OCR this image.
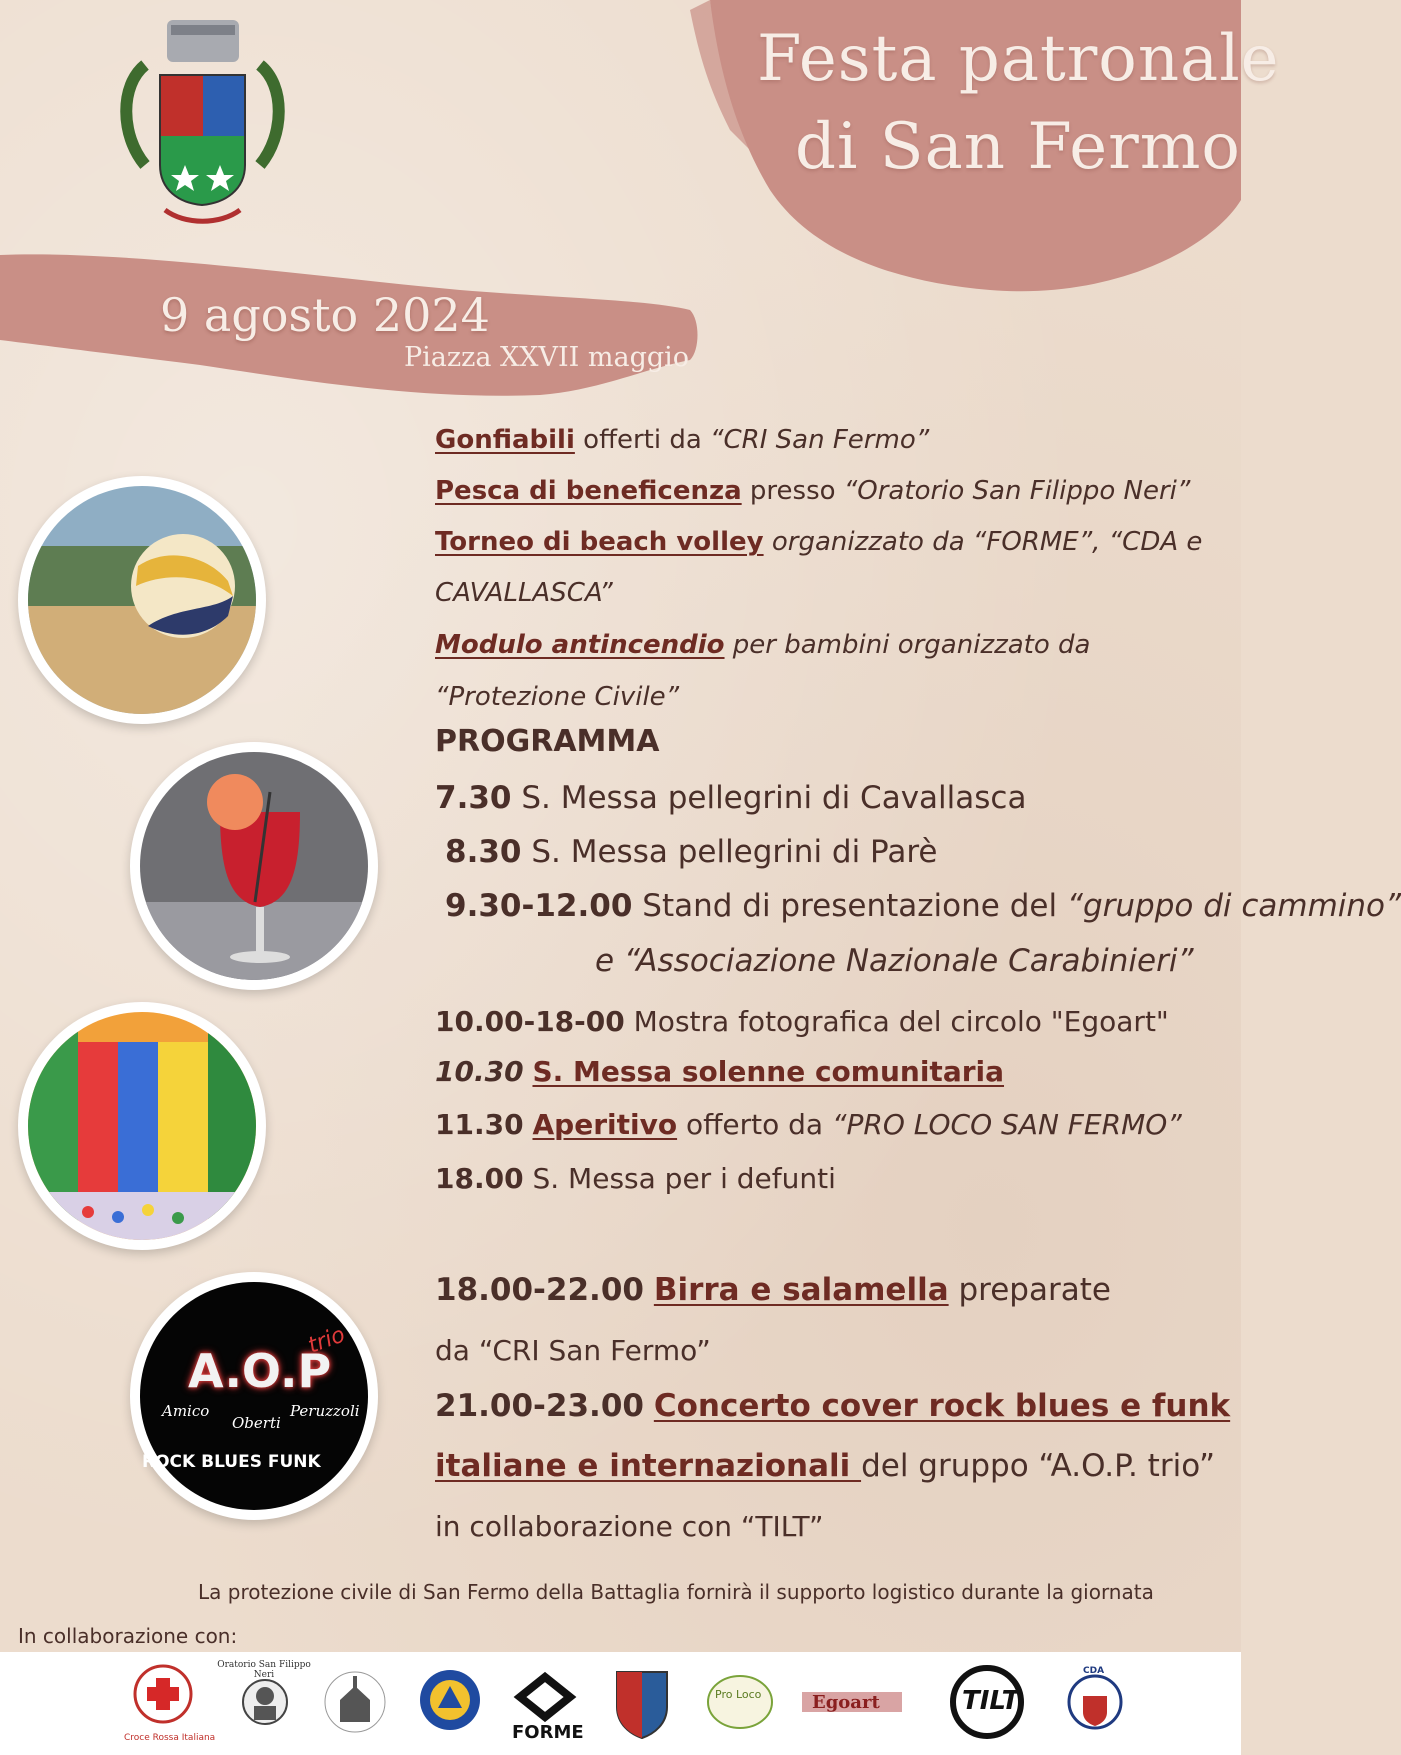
Festa patronale
di San Fermo
9 agosto 2024
Piazza XXVII maggio
A.O.P
trio
Amico
Oberti
Peruzzoli
ROCK BLUES FUNK
Gonfiabili offerti da “CRI San Fermo”
Pesca di beneficenza presso “Oratorio San Filippo Neri”
Torneo di beach volley organizzato da “FORME”, “CDA e
CAVALLASCA”
Modulo antincendio per bambini organizzato da
“Protezione Civile”
PROGRAMMA
7.30 S. Messa pellegrini di Cavallasca
8.30 S. Messa pellegrini di Parè
9.30-12.00 Stand di presentazione del “gruppo di cammino”
e “Associazione Nazionale Carabinieri”
10.00-18-00 Mostra fotografica del circolo "Egoart"
10.30 S. Messa solenne comunitaria
11.30 Aperitivo offerto da “PRO LOCO SAN FERMO”
18.00 S. Messa per i defunti
18.00-22.00 Birra e salamella preparate
da “CRI San Fermo”
21.00-23.00 Concerto cover rock blues e funk
italiane e internazionali del gruppo “A.O.P. trio”
in collaborazione con “TILT”
La protezione civile di San Fermo della Battaglia fornirà il supporto logistico durante la giornata
In collaborazione con:
Croce Rossa Italiana
Oratorio San Filippo Neri
FORME
Pro Loco	Egoart	TILT
CDA
